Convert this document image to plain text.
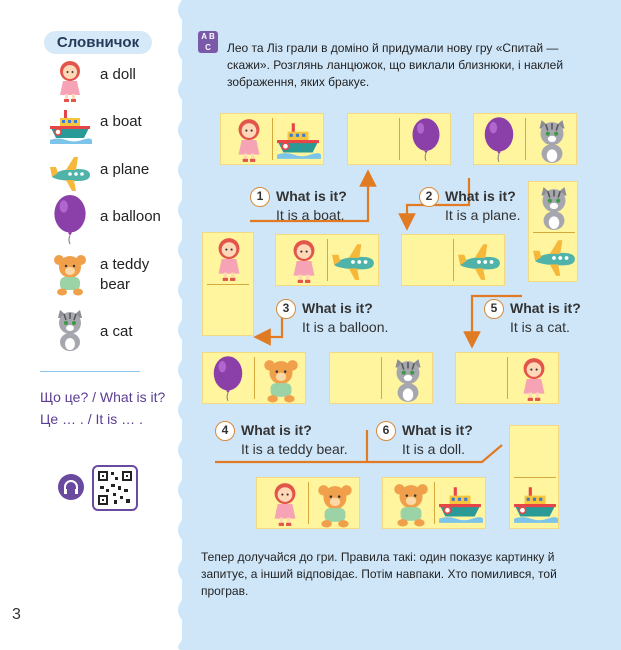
Словничок
a doll
a boat
a plane
a balloon
a teddy bear
a cat
Що це? / What is it?
Це … . / It is … .
3
A B
C	Лео та Ліз грали в доміно й придумали нову гру «Спитай — скажи». Розглянь ланцюжок, що виклали близнюки, і наклей зображення, яких бракує.
1 What is it?
It is a boat.
2 What is it?
It is a plane.
3 What is it?
It is a balloon.
4 What is it?
It is a teddy bear.
5 What is it?
It is a cat.
6 What is it?
It is a doll.
Тепер долучайся до гри. Правила такі: один показує картинку й запитує, а інший відповідає. Потім навпаки. Хто помилився, той програв.
